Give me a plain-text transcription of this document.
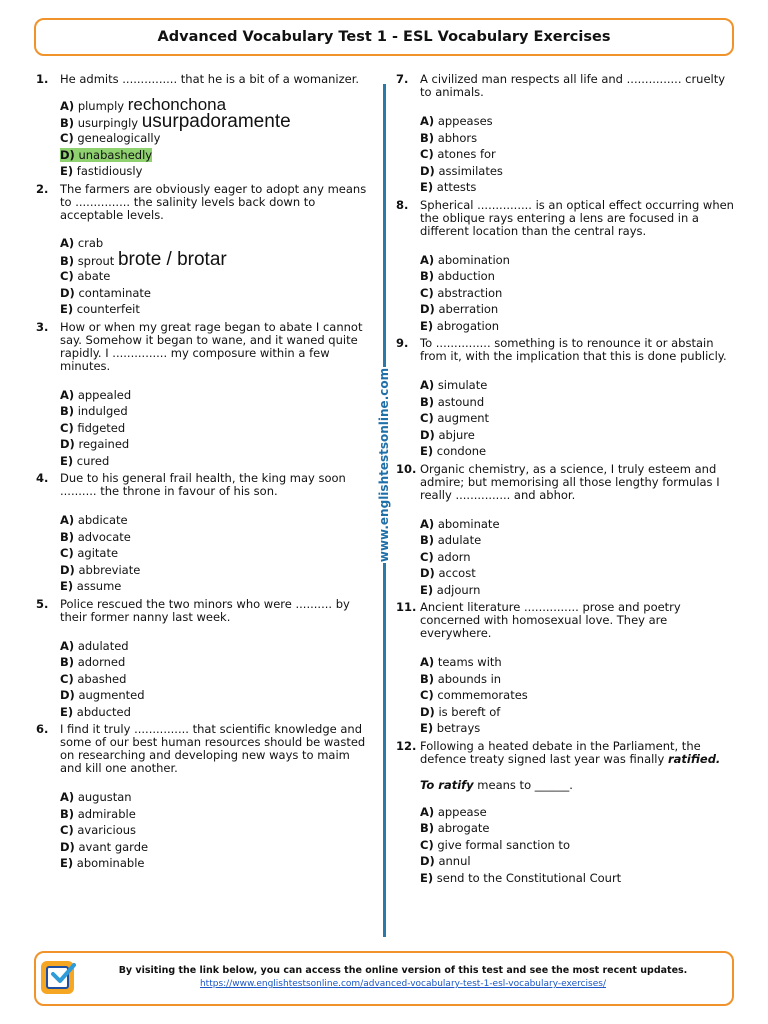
Advanced Vocabulary Test 1 - ESL Vocabulary Exercises
www.englishtestsonline.com
1.	He admits ............... that he is a bit of a womanizer.
A) plumply rechonchona
B) usurpingly usurpadoramente
C) genealogically
D) unabashedly
E) fastidiously
2.	The farmers are obviously eager to adopt any means to ............... the salinity levels back down to acceptable levels.
A) crab
B) sprout brote / brotar
C) abate
D) contaminate
E) counterfeit
3.	How or when my great rage began to abate I cannot say. Somehow it began to wane, and it waned quite rapidly. I ............... my composure within a few minutes.
A) appealed
B) indulged
C) fidgeted
D) regained
E) cured
4.	Due to his general frail health, the king may soon .......... the throne in favour of his son.
A) abdicate
B) advocate
C) agitate
D) abbreviate
E) assume
5.	Police rescued the two minors who were .......... by their former nanny last week.
A) adulated
B) adorned
C) abashed
D) augmented
E) abducted
6.	I find it truly ............... that scientific knowledge and some of our best human resources should be wasted on researching and developing new ways to maim and kill one another.
A) augustan
B) admirable
C) avaricious
D) avant garde
E) abominable
7.	A civilized man respects all life and ............... cruelty to animals.
A) appeases
B) abhors
C) atones for
D) assimilates
E) attests
8.	Spherical ............... is an optical effect occurring when the oblique rays entering a lens are focused in a different location than the central rays.
A) abomination
B) abduction
C) abstraction
D) aberration
E) abrogation
9.	To ............... something is to renounce it or abstain from it, with the implication that this is done publicly.
A) simulate
B) astound
C) augment
D) abjure
E) condone
10. Organic chemistry, as a science, I truly esteem and admire; but memorising all those lengthy formulas I really ............... and abhor.
A) abominate
B) adulate
C) adorn
D) accost
E) adjourn
11. Ancient literature ............... prose and poetry concerned with homosexual love. They are everywhere.
A) teams with
B) abounds in
C) commemorates
D) is bereft of
E) betrays
12. Following a heated debate in the Parliament, the defence treaty signed last year was finally ratified.
To ratify means to ______.
A) appease
B) abrogate
C) give formal sanction to
D) annul
E) send to the Constitutional Court
By visiting the link below, you can access the online version of this test and see the most recent updates.
https://www.englishtestsonline.com/advanced-vocabulary-test-1-esl-vocabulary-exercises/
